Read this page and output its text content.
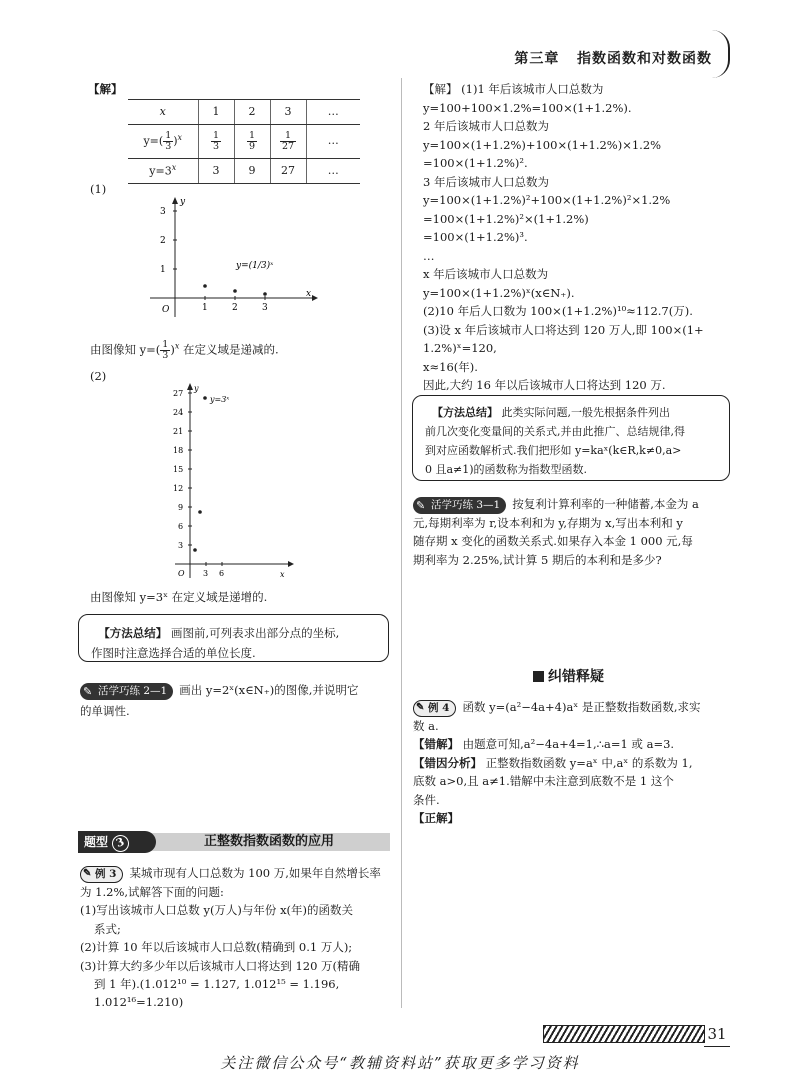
第三章 指数函数和对数函数
【解】
x	1	2	3	…
$y=( \frac{1}{3} )^x$	$\frac{1}{3}$	$\frac{1}{9}$	$\frac{1}{27}$	…
$y=3^x$	3	9	27	…
(1)
y
x
O
1
2
3
1	2	3
y=(1/3)ˣ
由图像知 $y=( \frac{1}{3} )^x$ 在定义域是递减的.
(2)
y
x
O
3
6
9
12
15
18
21
24
27
3 6
y=3ˣ
由图像知 y=3ˣ 在定义域是递增的.
【方法总结】 画图前,可列表求出部分点的坐标,
作图时注意选择合适的单位长度.
✎ 活学巧练 2—1 画出 y=2ˣ(x∈N₊)的图像,并说明它
的单调性.
题型 3	正整数指数函数的应用
✎ 例 3 某城市现有人口总数为 100 万,如果年自然增长率
为 1.2%,试解答下面的问题:
(1)写出该城市人口总数 y(万人)与年份 x(年)的函数关
系式;
(2)计算 10 年以后该城市人口总数(精确到 0.1 万人);
(3)计算大约多少年以后该城市人口将达到 120 万(精确
到 1 年).(1.012¹⁰ = 1.127, 1.012¹⁵ = 1.196,
1.012¹⁶=1.210)
【解】 (1)1 年后该城市人口总数为
y=100+100×1.2%=100×(1+1.2%).
2 年后该城市人口总数为
y=100×(1+1.2%)+100×(1+1.2%)×1.2%
=100×(1+1.2%)².
3 年后该城市人口总数为
y=100×(1+1.2%)²+100×(1+1.2%)²×1.2%
=100×(1+1.2%)²×(1+1.2%)
=100×(1+1.2%)³.
…
x 年后该城市人口总数为
y=100×(1+1.2%)ˣ(x∈N₊).
(2)10 年后人口数为 100×(1+1.2%)¹⁰≈112.7(万).
(3)设 x 年后该城市人口将达到 120 万人,即 100×(1+
1.2%)ˣ=120,
x≈16(年).
因此,大约 16 年以后该城市人口将达到 120 万.
【方法总结】 此类实际问题,一般先根据条件列出
前几次变化变量间的关系式,并由此推广、总结规律,得
到对应函数解析式.我们把形如 y=kaˣ(k∈R,k≠0,a>
0 且a≠1)的函数称为指数型函数.
✎ 活学巧练 3—1 按复利计算利率的一种储蓄,本金为 a
元,每期利率为 r,设本利和为 y,存期为 x,写出本利和 y
随存期 x 变化的函数关系式.如果存入本金 1 000 元,每
期利率为 2.25%,试计算 5 期后的本利和是多少?
纠错释疑
✎ 例 4 函数 y=(a²−4a+4)aˣ 是正整数指数函数,求实
数 a.
【错解】 由题意可知,a²−4a+4=1,∴a=1 或 a=3.
【错因分析】 正整数指数函数 y=aˣ 中,aˣ 的系数为 1,
底数 a>0,且 a≠1.错解中未注意到底数不是 1 这个
条件.
【正解】
31
关注微信公众号“教辅资料站”获取更多学习资料
